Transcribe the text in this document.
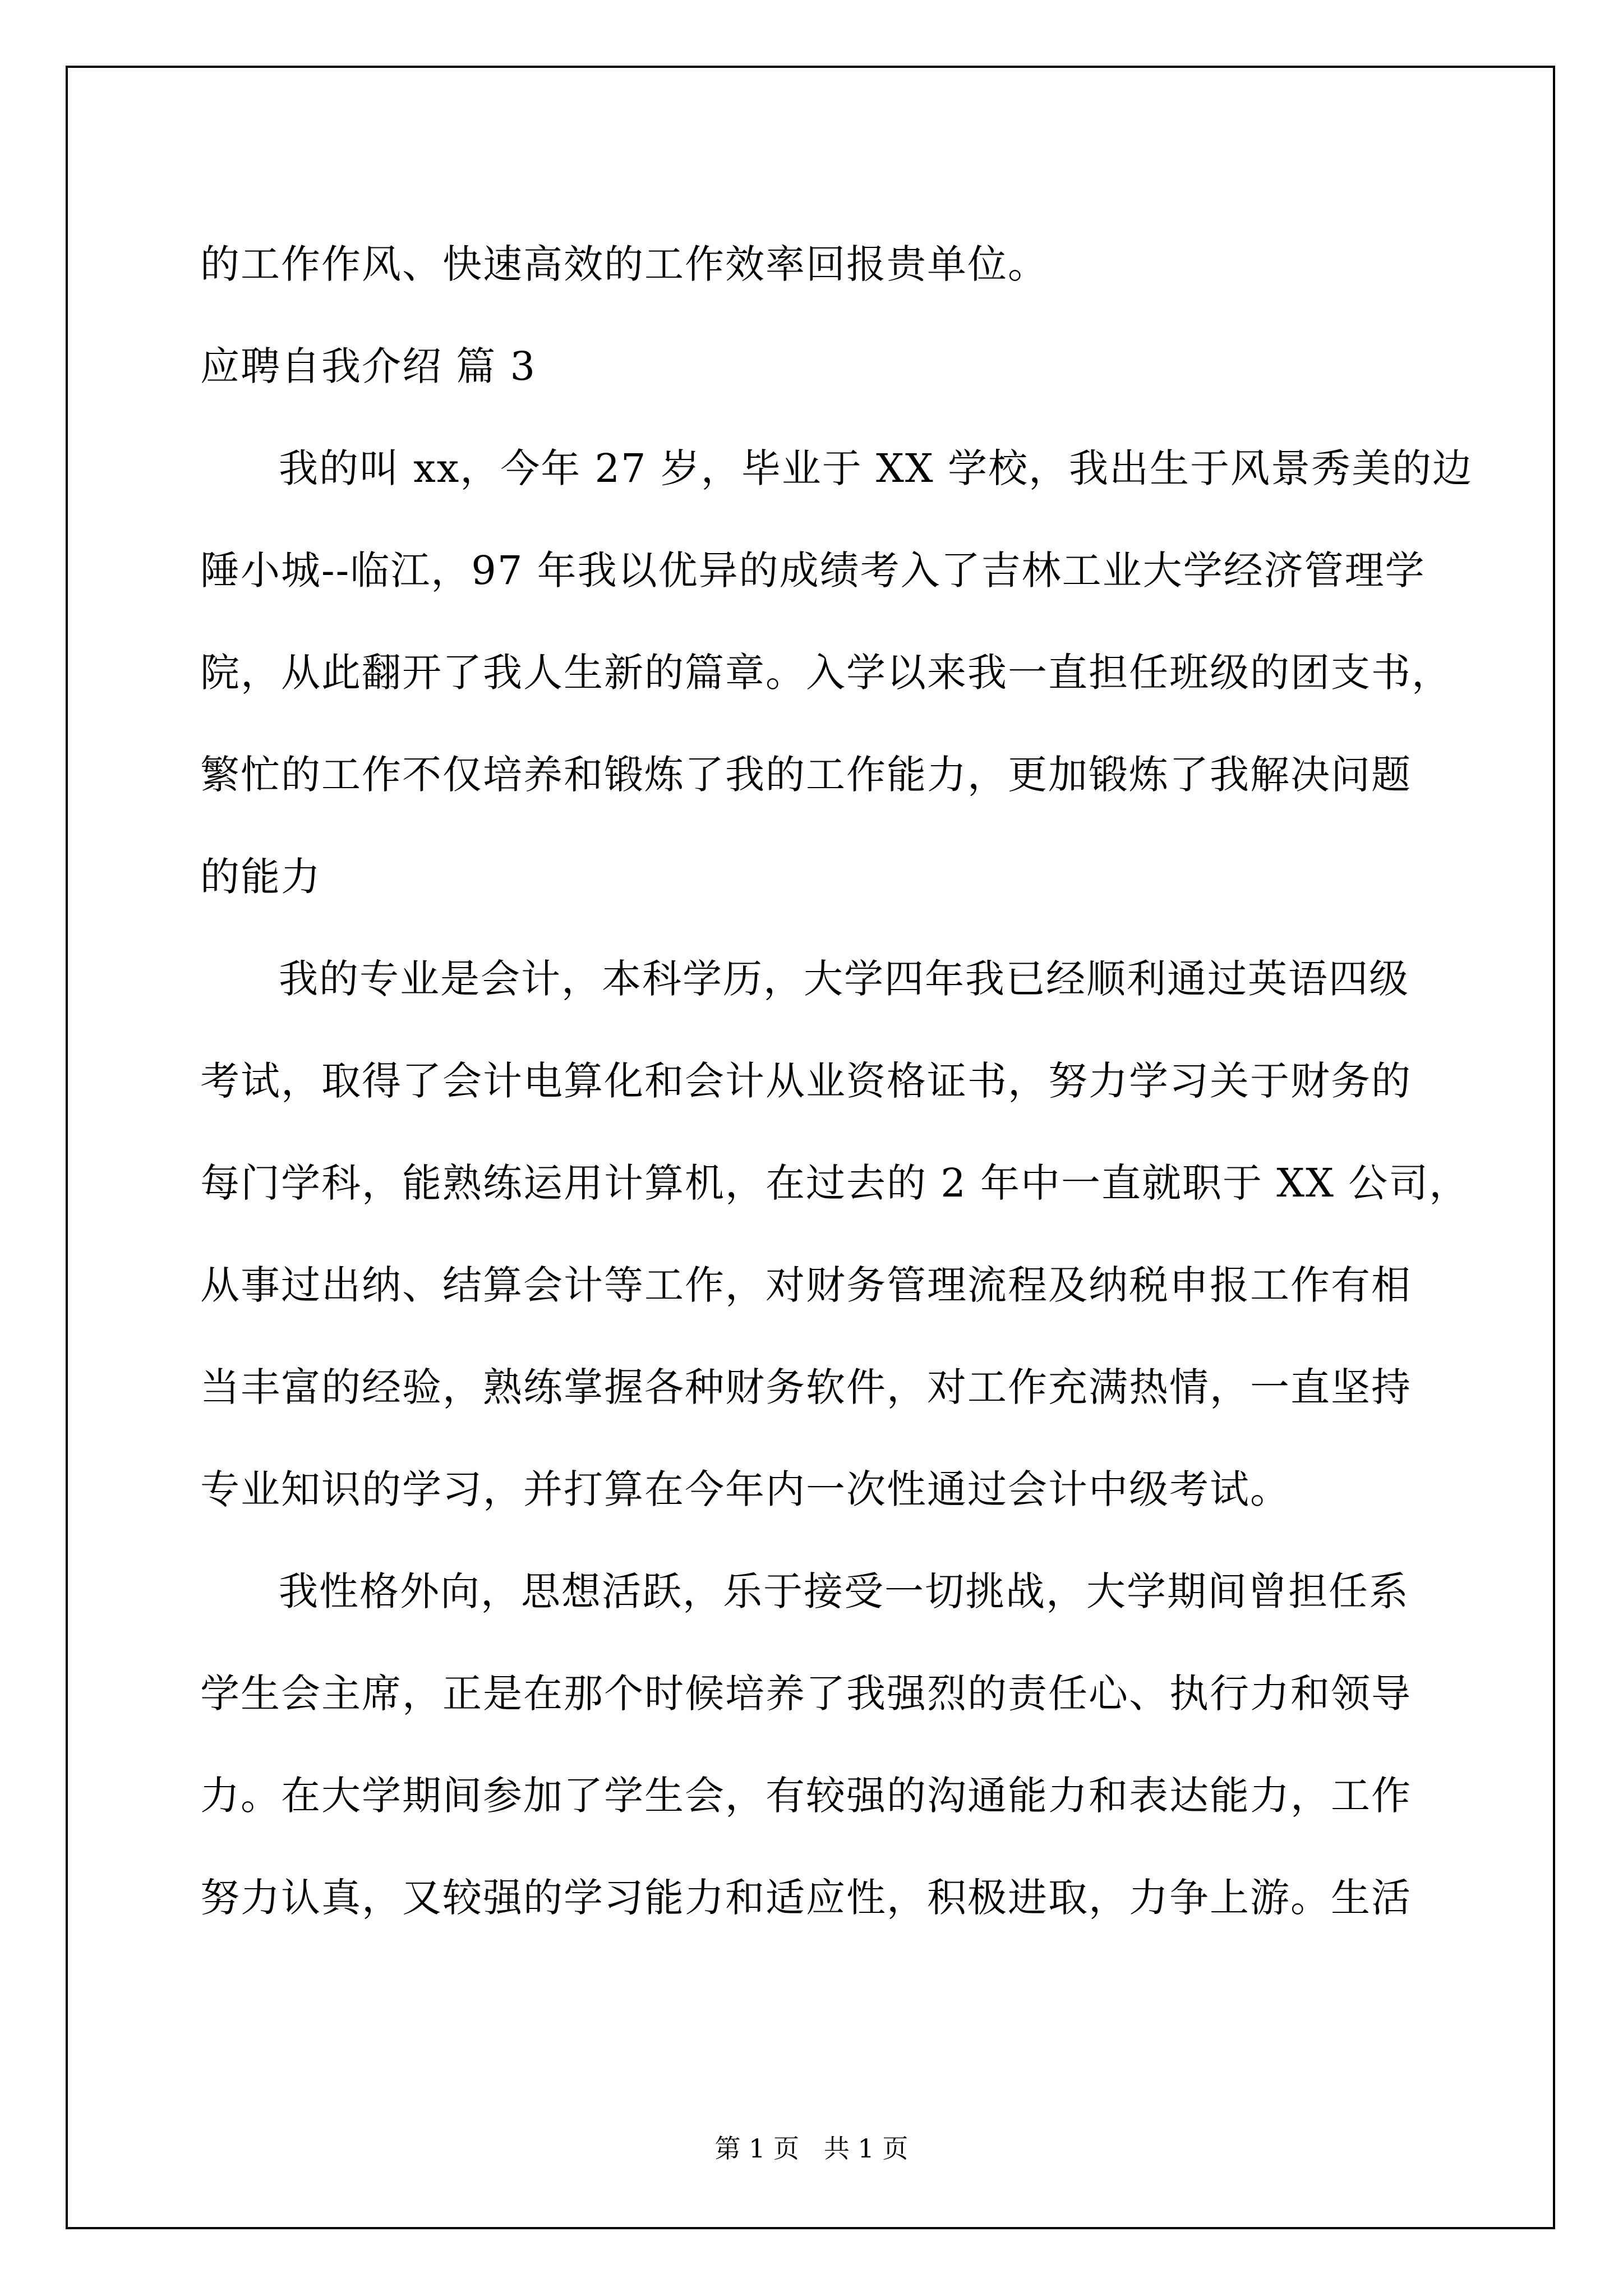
的工作作风、快速高效的工作效率回报贵单位。
应聘自我介绍 篇 3
我的叫 xx，今年 27 岁，毕业于 XX 学校，我出生于风景秀美的边
陲小城--临江，97 年我以优异的成绩考入了吉林工业大学经济管理学
院，从此翻开了我人生新的篇章。入学以来我一直担任班级的团支书，
繁忙的工作不仅培养和锻炼了我的工作能力，更加锻炼了我解决问题
的能力
我的专业是会计，本科学历，大学四年我已经顺利通过英语四级
考试，取得了会计电算化和会计从业资格证书，努力学习关于财务的
每门学科，能熟练运用计算机，在过去的 2 年中一直就职于 XX 公司，
从事过出纳、结算会计等工作，对财务管理流程及纳税申报工作有相
当丰富的经验，熟练掌握各种财务软件，对工作充满热情，一直坚持
专业知识的学习，并打算在今年内一次性通过会计中级考试。
我性格外向，思想活跃，乐于接受一切挑战，大学期间曾担任系
学生会主席，正是在那个时候培养了我强烈的责任心、执行力和领导
力。在大学期间参加了学生会，有较强的沟通能力和表达能力，工作
努力认真，又较强的学习能力和适应性，积极进取，力争上游。生活
第 1 页   共 1 页
